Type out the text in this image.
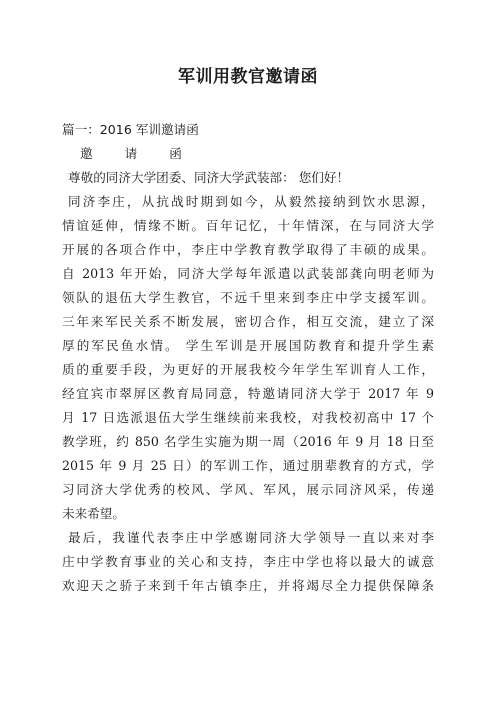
军训用教官邀请函
篇一：2016 军训邀请函
邀 请 函
尊敬的同济大学团委、同济大学武装部： 您们好！
同济李庄，从抗战时期到如今，从毅然接纳到饮水思源，
情谊延伸，情缘不断。百年记忆，十年情深，在与同济大学
开展的各项合作中，李庄中学教育教学取得了丰硕的成果。
自 2013 年开始，同济大学每年派遣以武装部龚向明老师为
领队的退伍大学生教官，不远千里来到李庄中学支援军训。
三年来军民关系不断发展，密切合作，相互交流，建立了深
厚的军民鱼水情。 学生军训是开展国防教育和提升学生素
质的重要手段，为更好的开展我校今年学生军训育人工作，
经宜宾市翠屏区教育局同意，特邀请同济大学于 2017 年 9
月 17 日选派退伍大学生继续前来我校，对我校初高中 17 个
教学班，约 850 名学生实施为期一周（2016 年 9 月 18 日至
2015 年 9 月 25 日）的军训工作，通过朋辈教育的方式，学
习同济大学优秀的校风、学风、军风，展示同济风采，传递
未来希望。
最后，我谨代表李庄中学感谢同济大学领导一直以来对李
庄中学教育事业的关心和支持，李庄中学也将以最大的诚意
欢迎天之骄子来到千年古镇李庄，并将竭尽全力提供保障条
